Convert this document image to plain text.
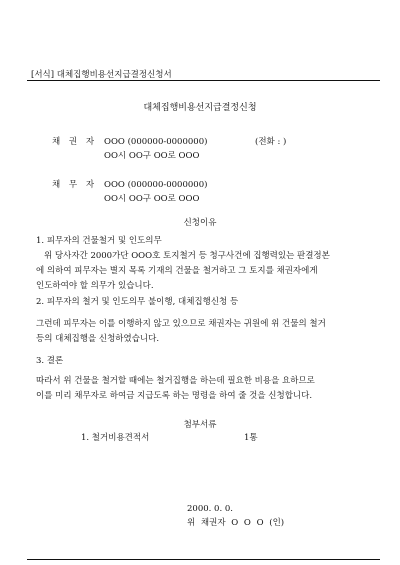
[서식] 대체집행비용선지급결정신청서
대체집행비용선지급결정신청
채 권 자 OOO (000000-0000000)	(전화 : )
OO시 OO구 OO로 OOO
채 무 자 OOO (000000-0000000)
OO시 OO구 OO로 OOO
신청이유
1. 피무자의 건물철거 및 인도의무
위 당사자간 2000가단 OOO호 토지철거 등 청구사건에 집행력있는 판결정본
에 의하여 피무자는 별지 목록 기재의 건물을 철거하고 그 토지를 채권자에게
인도하여야 할 의무가 있습니다.
2. 피무자의 철거 및 인도의무 불이행, 대체집행신청 등
그런데 피무자는 이를 이행하지 않고 있으므로 채권자는 귀원에 위 건물의 철거
등의 대체집행을 신청하였습니다.
3. 결론
따라서 위 건물을 철거할 때에는 철거집행을 하는데 필요한 비용을 요하므로
이를 미리 채무자로 하여금 지급도록 하는 명령을 하여 줄 것을 신청합니다.
첨부서류
1. 철거비용견적서	1통
2000. 0. 0.
위 채권자 O O O (인)
